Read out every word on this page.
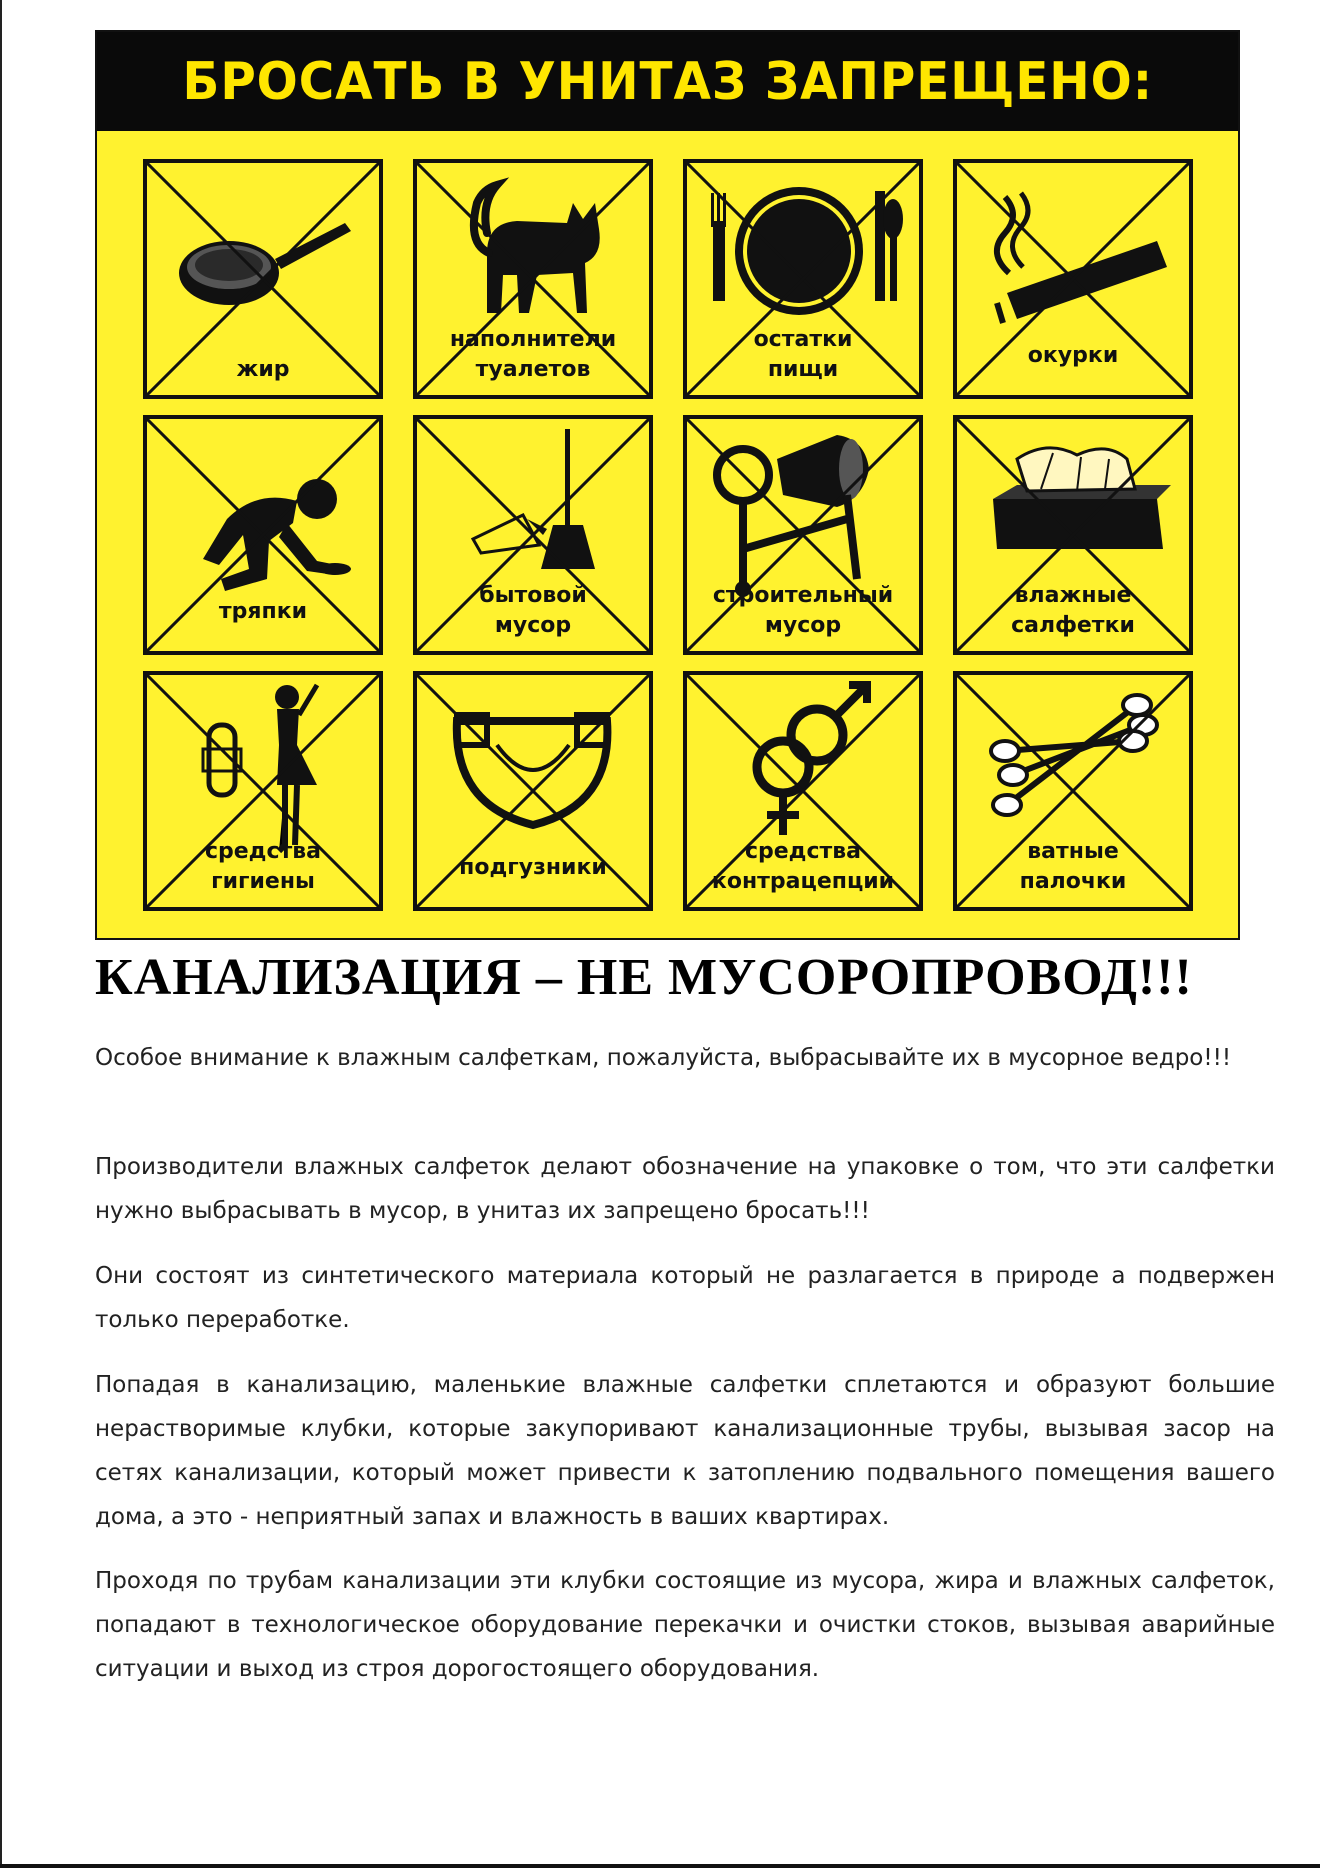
БРОСАТЬ В УНИТАЗ ЗАПРЕЩЕНО:
жир
наполнители
туалетов
остатки
пищи
окурки
тряпки
бытовой
мусор
строительный
мусор
влажные
салфетки
средства
гигиены
подгузники
средства
контрацепции
ватные
палочки
КАНАЛИЗАЦИЯ – НЕ МУСОРОПРОВОД!!!

Особое внимание к влажным салфеткам, пожалуйста, выбрасывайте их в мусорное ведро!!!

Производители влажных салфеток делают обозначение на упаковке о том, что эти салфетки нужно выбрасывать в мусор, в унитаз их запрещено бросать!!!

Они состоят из синтетического материала который не разлагается в природе а подвержен только переработке.

Попадая в канализацию, маленькие влажные салфетки сплетаются и образуют большие нерастворимые клубки, которые закупоривают канализационные трубы, вызывая засор на сетях канализации, который может привести к затоплению подвального помещения вашего дома, а это - неприятный запах и влажность в ваших квартирах.

Проходя по трубам канализации эти клубки состоящие из мусора, жира и влажных салфеток, попадают в технологическое оборудование перекачки и очистки стоков, вызывая аварийные ситуации и выход из строя дорогостоящего оборудования.
